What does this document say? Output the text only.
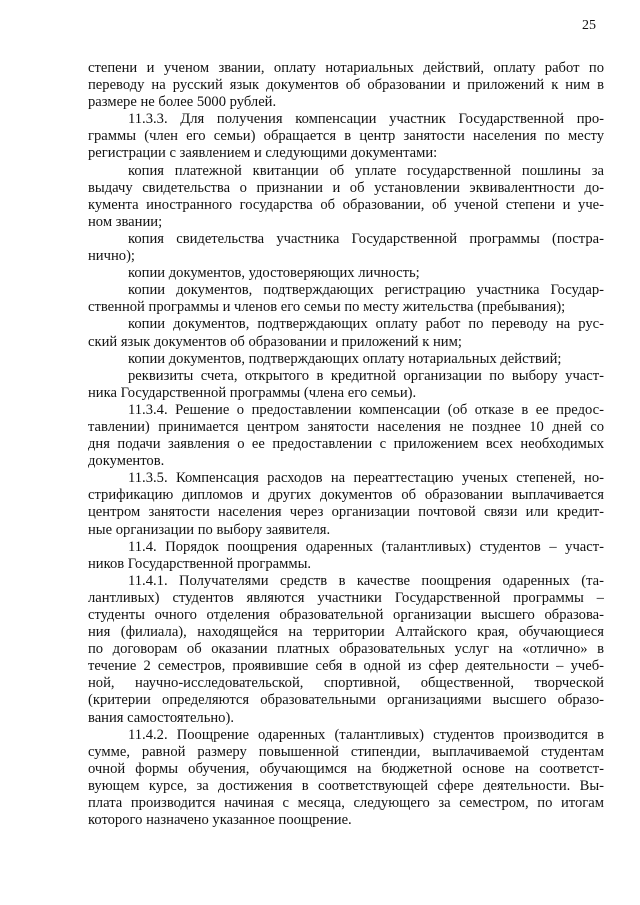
25
степени и ученом звании, оплату нотариальных действий, оплату работ по
переводу на русский язык документов об образовании и приложений к ним в
размере не более 5000 рублей.
11.3.3. Для получения компенсации участник Государственной про-
граммы (член его семьи) обращается в центр занятости населения по месту
регистрации с заявлением и следующими документами:
копия платежной квитанции об уплате государственной пошлины за
выдачу свидетельства о признании и об установлении эквивалентности до-
кумента иностранного государства об образовании, об ученой степени и уче-
ном звании;
копия свидетельства участника Государственной программы (постра-
нично);
копии документов, удостоверяющих личность;
копии документов, подтверждающих регистрацию участника Государ-
ственной программы и членов его семьи по месту жительства (пребывания);
копии документов, подтверждающих оплату работ по переводу на рус-
ский язык документов об образовании и приложений к ним;
копии документов, подтверждающих оплату нотариальных действий;
реквизиты счета, открытого в кредитной организации по выбору участ-
ника Государственной программы (члена его семьи).
11.3.4. Решение о предоставлении компенсации (об отказе в ее предос-
тавлении) принимается центром занятости населения не позднее 10 дней со
дня подачи заявления о ее предоставлении с приложением всех необходимых
документов.
11.3.5. Компенсация расходов на переаттестацию ученых степеней, но-
стрификацию дипломов и других документов об образовании выплачивается
центром занятости населения через организации почтовой связи или кредит-
ные организации по выбору заявителя.
11.4. Порядок поощрения одаренных (талантливых) студентов – участ-
ников Государственной программы.
11.4.1. Получателями средств в качестве поощрения одаренных (та-
лантливых) студентов являются участники Государственной программы –
студенты очного отделения образовательной организации высшего образова-
ния (филиала), находящейся на территории Алтайского края, обучающиеся
по договорам об оказании платных образовательных услуг на «отлично» в
течение 2 семестров, проявившие себя в одной из сфер деятельности – учеб-
ной, научно-исследовательской, спортивной, общественной, творческой
(критерии определяются образовательными организациями высшего образо-
вания самостоятельно).
11.4.2. Поощрение одаренных (талантливых) студентов производится в
сумме, равной размеру повышенной стипендии, выплачиваемой студентам
очной формы обучения, обучающимся на бюджетной основе на соответст-
вующем курсе, за достижения в соответствующей сфере деятельности. Вы-
плата производится начиная с месяца, следующего за семестром, по итогам
которого назначено указанное поощрение.
